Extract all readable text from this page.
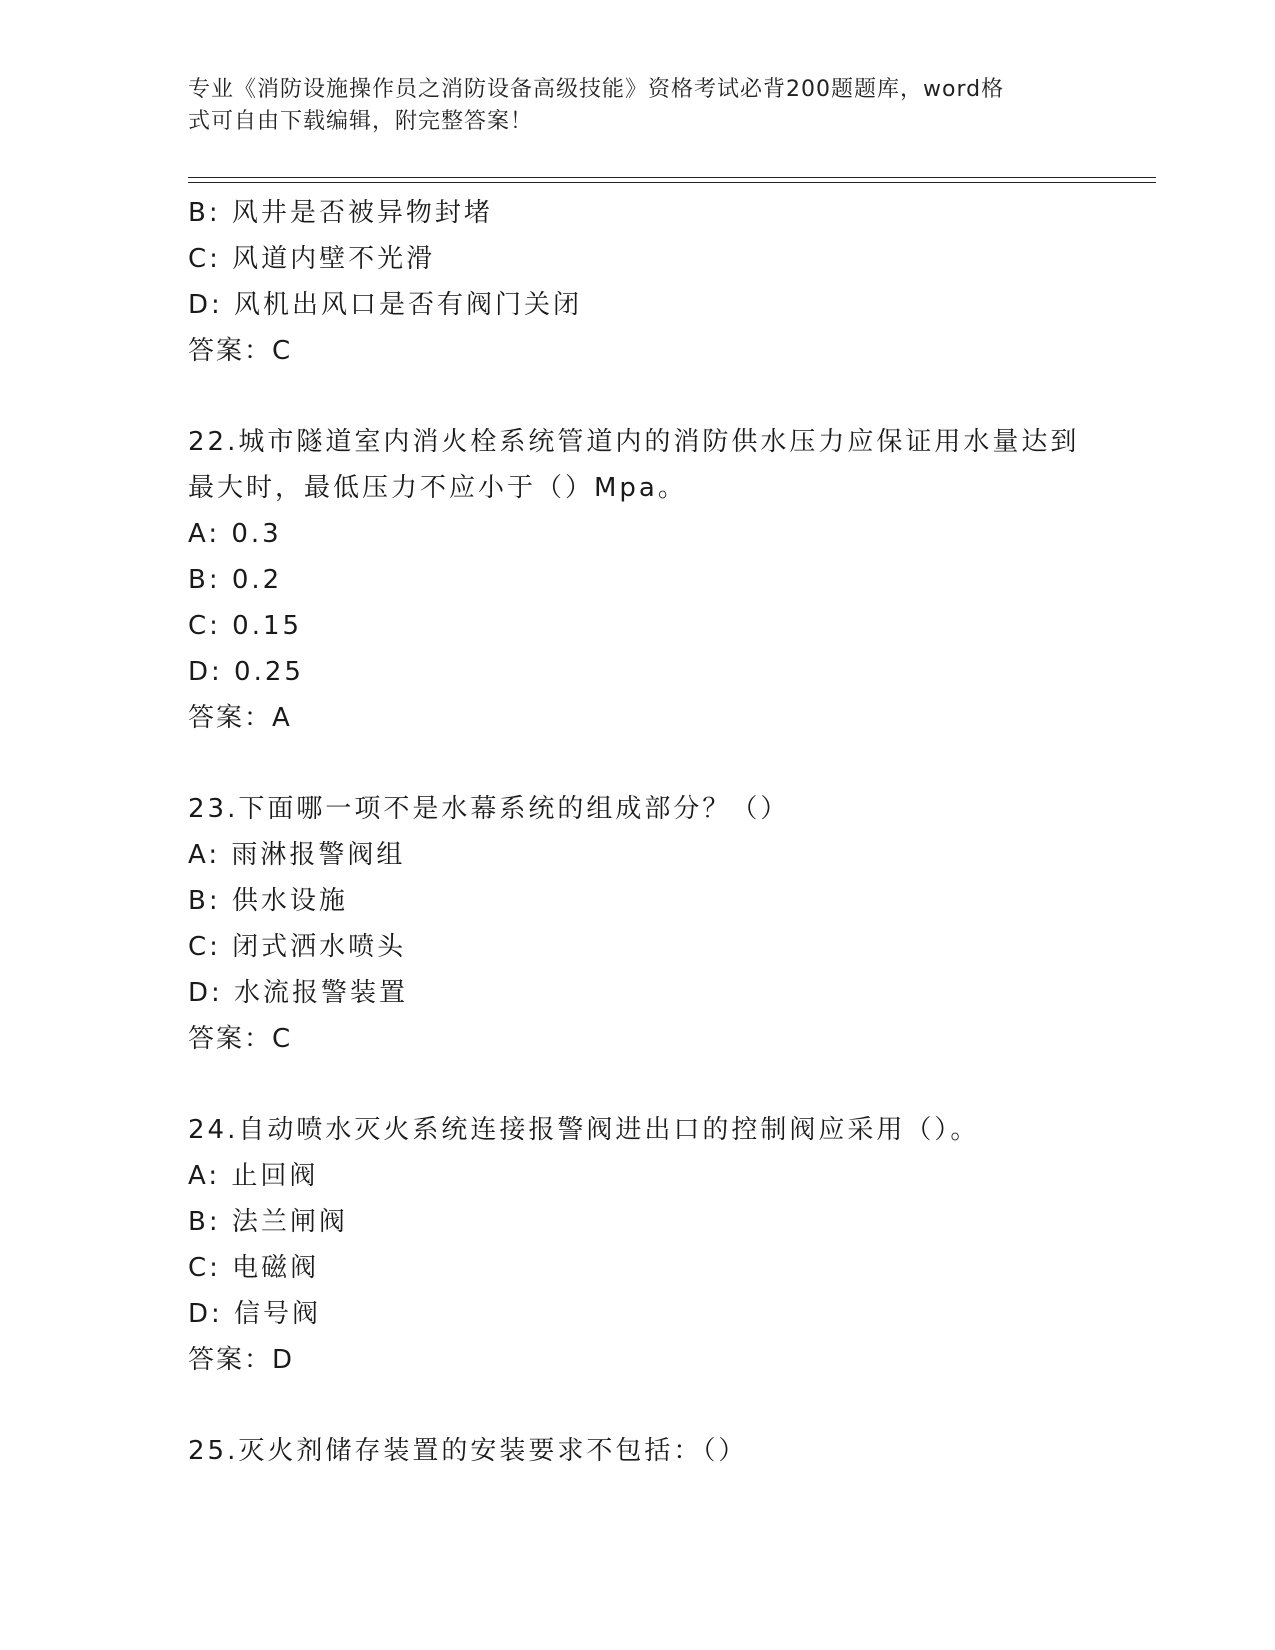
专业《消防设施操作员之消防设备高级技能》资格考试必背200题题库，word格
式可自由下载编辑，附完整答案！
B: 风井是否被异物封堵
C: 风道内壁不光滑
D: 风机出风口是否有阀门关闭
答案：C
22.城市隧道室内消火栓系统管道内的消防供水压力应保证用水量达到
最大时，最低压力不应小于（）Mpa。
A: 0.3
B: 0.2
C: 0.15
D: 0.25
答案：A
23.下面哪一项不是水幕系统的组成部分？（）
A: 雨淋报警阀组
B: 供水设施
C: 闭式洒水喷头
D: 水流报警装置
答案：C
24.自动喷水灭火系统连接报警阀进出口的控制阀应采用（）。
A: 止回阀
B: 法兰闸阀
C: 电磁阀
D: 信号阀
答案：D
25.灭火剂储存装置的安装要求不包括：（）
